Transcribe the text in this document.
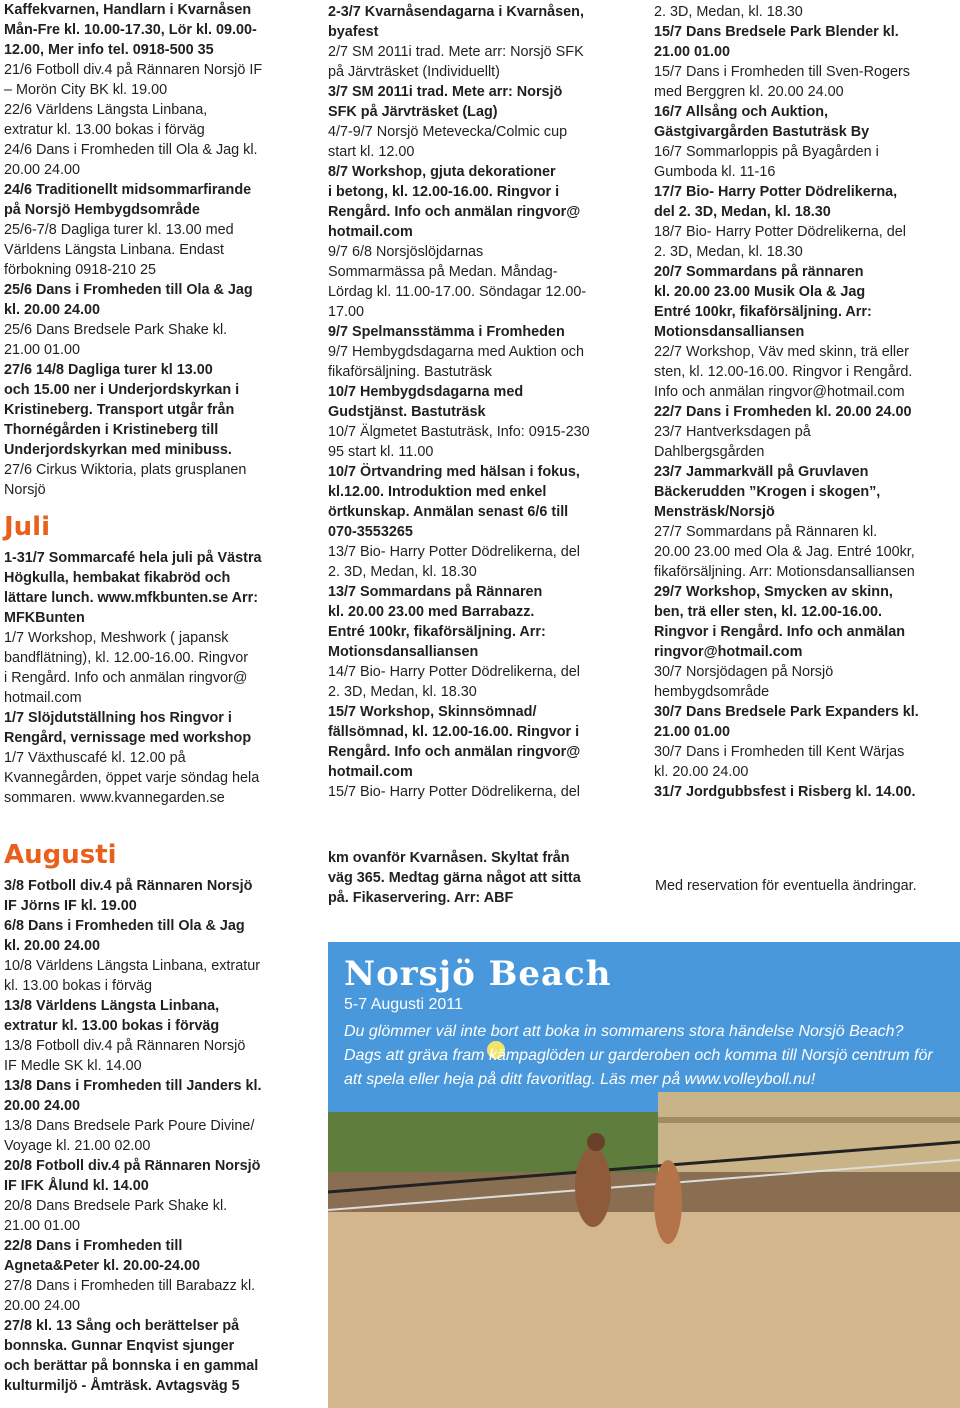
Kaffekvarnen, Handlarn i Kvarnåsen

Mån-Fre kl. 10.00-17.30, Lör kl. 09.00-

12.00, Mer info tel. 0918-500 35

21/6 Fotboll div.4 på Rännaren Norsjö IF

– Morön City BK kl. 19.00

22/6 Världens Längsta Linbana,

extratur kl. 13.00 bokas i förväg

24/6 Dans i Fromheden till Ola & Jag kl.

20.00 24.00

24/6 Traditionellt midsommarfirande

på Norsjö Hembygdsområde

25/6-7/8 Dagliga turer kl. 13.00 med

Världens Längsta Linbana. Endast

förbokning 0918-210 25

25/6 Dans i Fromheden till Ola & Jag

kl. 20.00 24.00

25/6 Dans Bredsele Park Shake kl.

21.00 01.00

27/6 14/8 Dagliga turer kl 13.00

och 15.00 ner i Underjordskyrkan i

Kristineberg. Transport utgår från

Thornégården i Kristineberg till

Underjordskyrkan med minibuss.

27/6 Cirkus Wiktoria, plats grusplanen

Norsjö

Juli

1-31/7 Sommarcafé hela juli på Västra

Högkulla, hembakat fikabröd och

lättare lunch. www.mfkbunten.se Arr:

MFKBunten

1/7 Workshop, Meshwork ( japansk

bandflätning), kl. 12.00-16.00. Ringvor

i Rengård. Info och anmälan ringvor@

hotmail.com

1/7 Slöjdutställning hos Ringvor i

Rengård, vernissage med workshop

1/7 Växthuscafé kl. 12.00 på

Kvannegården, öppet varje söndag hela

sommaren. www.kvannegarden.se

2-3/7 Kvarnåsendagarna i Kvarnåsen,

byafest

2/7 SM 2011i trad. Mete arr: Norsjö SFK

på Järvträsket (Individuellt)

3/7 SM 2011i trad. Mete arr: Norsjö

SFK på Järvträsket (Lag)

4/7-9/7 Norsjö Metevecka/Colmic cup

start kl. 12.00

8/7 Workshop, gjuta dekorationer

i betong, kl. 12.00-16.00. Ringvor i

Rengård. Info och anmälan ringvor@

hotmail.com

9/7 6/8 Norsjöslöjdarnas

Sommarmässa på Medan. Måndag-

Lördag kl. 11.00-17.00. Söndagar 12.00-

17.00

9/7 Spelmansstämma i Fromheden

9/7 Hembygdsdagarna med Auktion och

fikaförsäljning. Bastuträsk

10/7 Hembygdsdagarna med

Gudstjänst. Bastuträsk

10/7 Älgmetet Bastuträsk, Info: 0915-230

95 start kl. 11.00

10/7 Örtvandring med hälsan i fokus,

kl.12.00. Introduktion med enkel

örtkunskap. Anmälan senast 6/6 till

070-3553265

13/7 Bio- Harry Potter Dödrelikerna, del

2. 3D, Medan, kl. 18.30

13/7 Sommardans på Rännaren

kl. 20.00 23.00 med Barrabazz.

Entré 100kr, fikaförsäljning. Arr:

Motionsdansalliansen

14/7 Bio- Harry Potter Dödrelikerna, del

2. 3D, Medan, kl. 18.30

15/7 Workshop, Skinnsömnad/

fällsömnad, kl. 12.00-16.00. Ringvor i

Rengård. Info och anmälan ringvor@

hotmail.com

15/7 Bio- Harry Potter Dödrelikerna, del

2. 3D, Medan, kl. 18.30

15/7 Dans Bredsele Park Blender kl.

21.00 01.00

15/7 Dans i Fromheden till Sven-Rogers

med Berggren kl. 20.00 24.00

16/7 Allsång och Auktion,

Gästgivargården Bastuträsk By

16/7 Sommarloppis på Byagården i

Gumboda kl. 11-16

17/7 Bio- Harry Potter Dödrelikerna,

del 2. 3D, Medan, kl. 18.30

18/7 Bio- Harry Potter Dödrelikerna, del

2. 3D, Medan, kl. 18.30

20/7 Sommardans på rännaren

kl. 20.00 23.00 Musik Ola & Jag

Entré 100kr, fikaförsäljning. Arr:

Motionsdansalliansen

22/7 Workshop, Väv med skinn, trä eller

sten, kl. 12.00-16.00. Ringvor i Rengård.

Info och anmälan ringvor@hotmail.com

22/7 Dans i Fromheden kl. 20.00 24.00

23/7 Hantverksdagen på

Dahlbergsgården

23/7 Jammarkväll på Gruvlaven

Bäckerudden ”Krogen i skogen”,

Mensträsk/Norsjö

27/7 Sommardans på Rännaren kl.

20.00 23.00 med Ola & Jag. Entré 100kr,

fikaförsäljning. Arr: Motionsdansalliansen

29/7 Workshop, Smycken av skinn,

ben, trä eller sten, kl. 12.00-16.00.

Ringvor i Rengård. Info och anmälan

ringvor@hotmail.com

30/7 Norsjödagen på Norsjö

hembygdsområde

30/7 Dans Bredsele Park Expanders kl.

21.00 01.00

30/7 Dans i Fromheden till Kent Wärjas

kl. 20.00 24.00

31/7 Jordgubbsfest i Risberg kl. 14.00.

Augusti

3/8 Fotboll div.4 på Rännaren Norsjö

IF Jörns IF kl. 19.00

6/8 Dans i Fromheden till Ola & Jag

kl. 20.00 24.00

10/8 Världens Längsta Linbana, extratur

kl. 13.00 bokas i förväg

13/8 Världens Längsta Linbana,

extratur kl. 13.00 bokas i förväg

13/8 Fotboll div.4 på Rännaren Norsjö

IF Medle SK kl. 14.00

13/8 Dans i Fromheden till Janders kl.

20.00 24.00

13/8 Dans Bredsele Park Poure Divine/

Voyage kl. 21.00 02.00

20/8 Fotboll div.4 på Rännaren Norsjö

IF IFK Ålund kl. 14.00

20/8 Dans Bredsele Park Shake kl.

21.00 01.00

22/8 Dans i Fromheden till

Agneta&Peter kl. 20.00-24.00

27/8 Dans i Fromheden till Barabazz kl.

20.00 24.00

27/8 kl. 13 Sång och berättelser på

bonnska. Gunnar Enqvist sjunger

och berättar på bonnska i en gammal

kulturmiljö - Åmträsk. Avtagsväg 5

km ovanför Kvarnåsen. Skyltat från

väg 365. Medtag gärna något att sitta

på. Fikaservering. Arr: ABF

Med reservation för eventuella ändringar.
Norsjö Beach
5-7 Augusti 2011
Du glömmer väl inte bort att boka in sommarens stora händelse Norsjö Beach? Dags att gräva fram kämpaglöden ur garderoben och komma till Norsjö centrum för att spela eller heja på ditt favoritlag. Läs mer på www.volleyboll.nu!
